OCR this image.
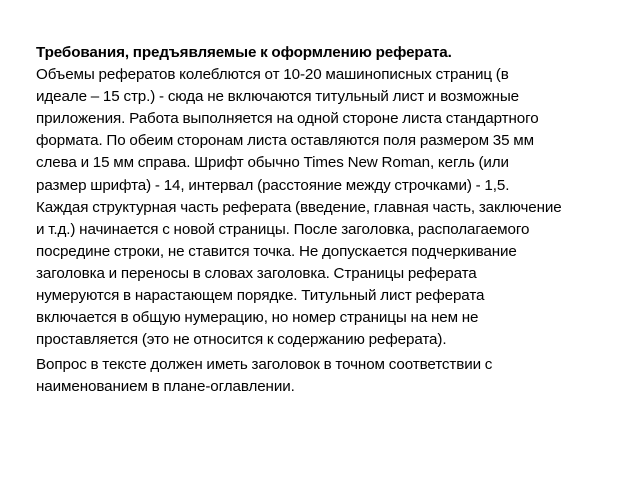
Требования, предъявляемые к оформлению реферата.
Объемы рефератов колеблются от 10-20 машинописных страниц (в
идеале – 15 стр.) - сюда не включаются титульный лист и возможные
приложения. Работа выполняется на одной стороне листа стандартного
формата. По обеим сторонам листа оставляются поля размером 35 мм
слева и 15 мм справа. Шрифт обычно Times New Roman, кегль (или
размер шрифта) - 14, интервал (расстояние между строчками) - 1,5.
Каждая структурная часть реферата (введение, главная часть, заключение
и т.д.) начинается с новой страницы. После заголовка, располагаемого
посредине строки, не ставится точка. Не допускается подчеркивание
заголовка и переносы в словах заголовка. Страницы реферата
нумеруются в нарастающем порядке. Титульный лист реферата
включается в общую нумерацию, но номер страницы на нем не
проставляется (это не относится к содержанию реферата).
Вопрос в тексте должен иметь заголовок в точном соответствии с
наименованием в плане-оглавлении.
